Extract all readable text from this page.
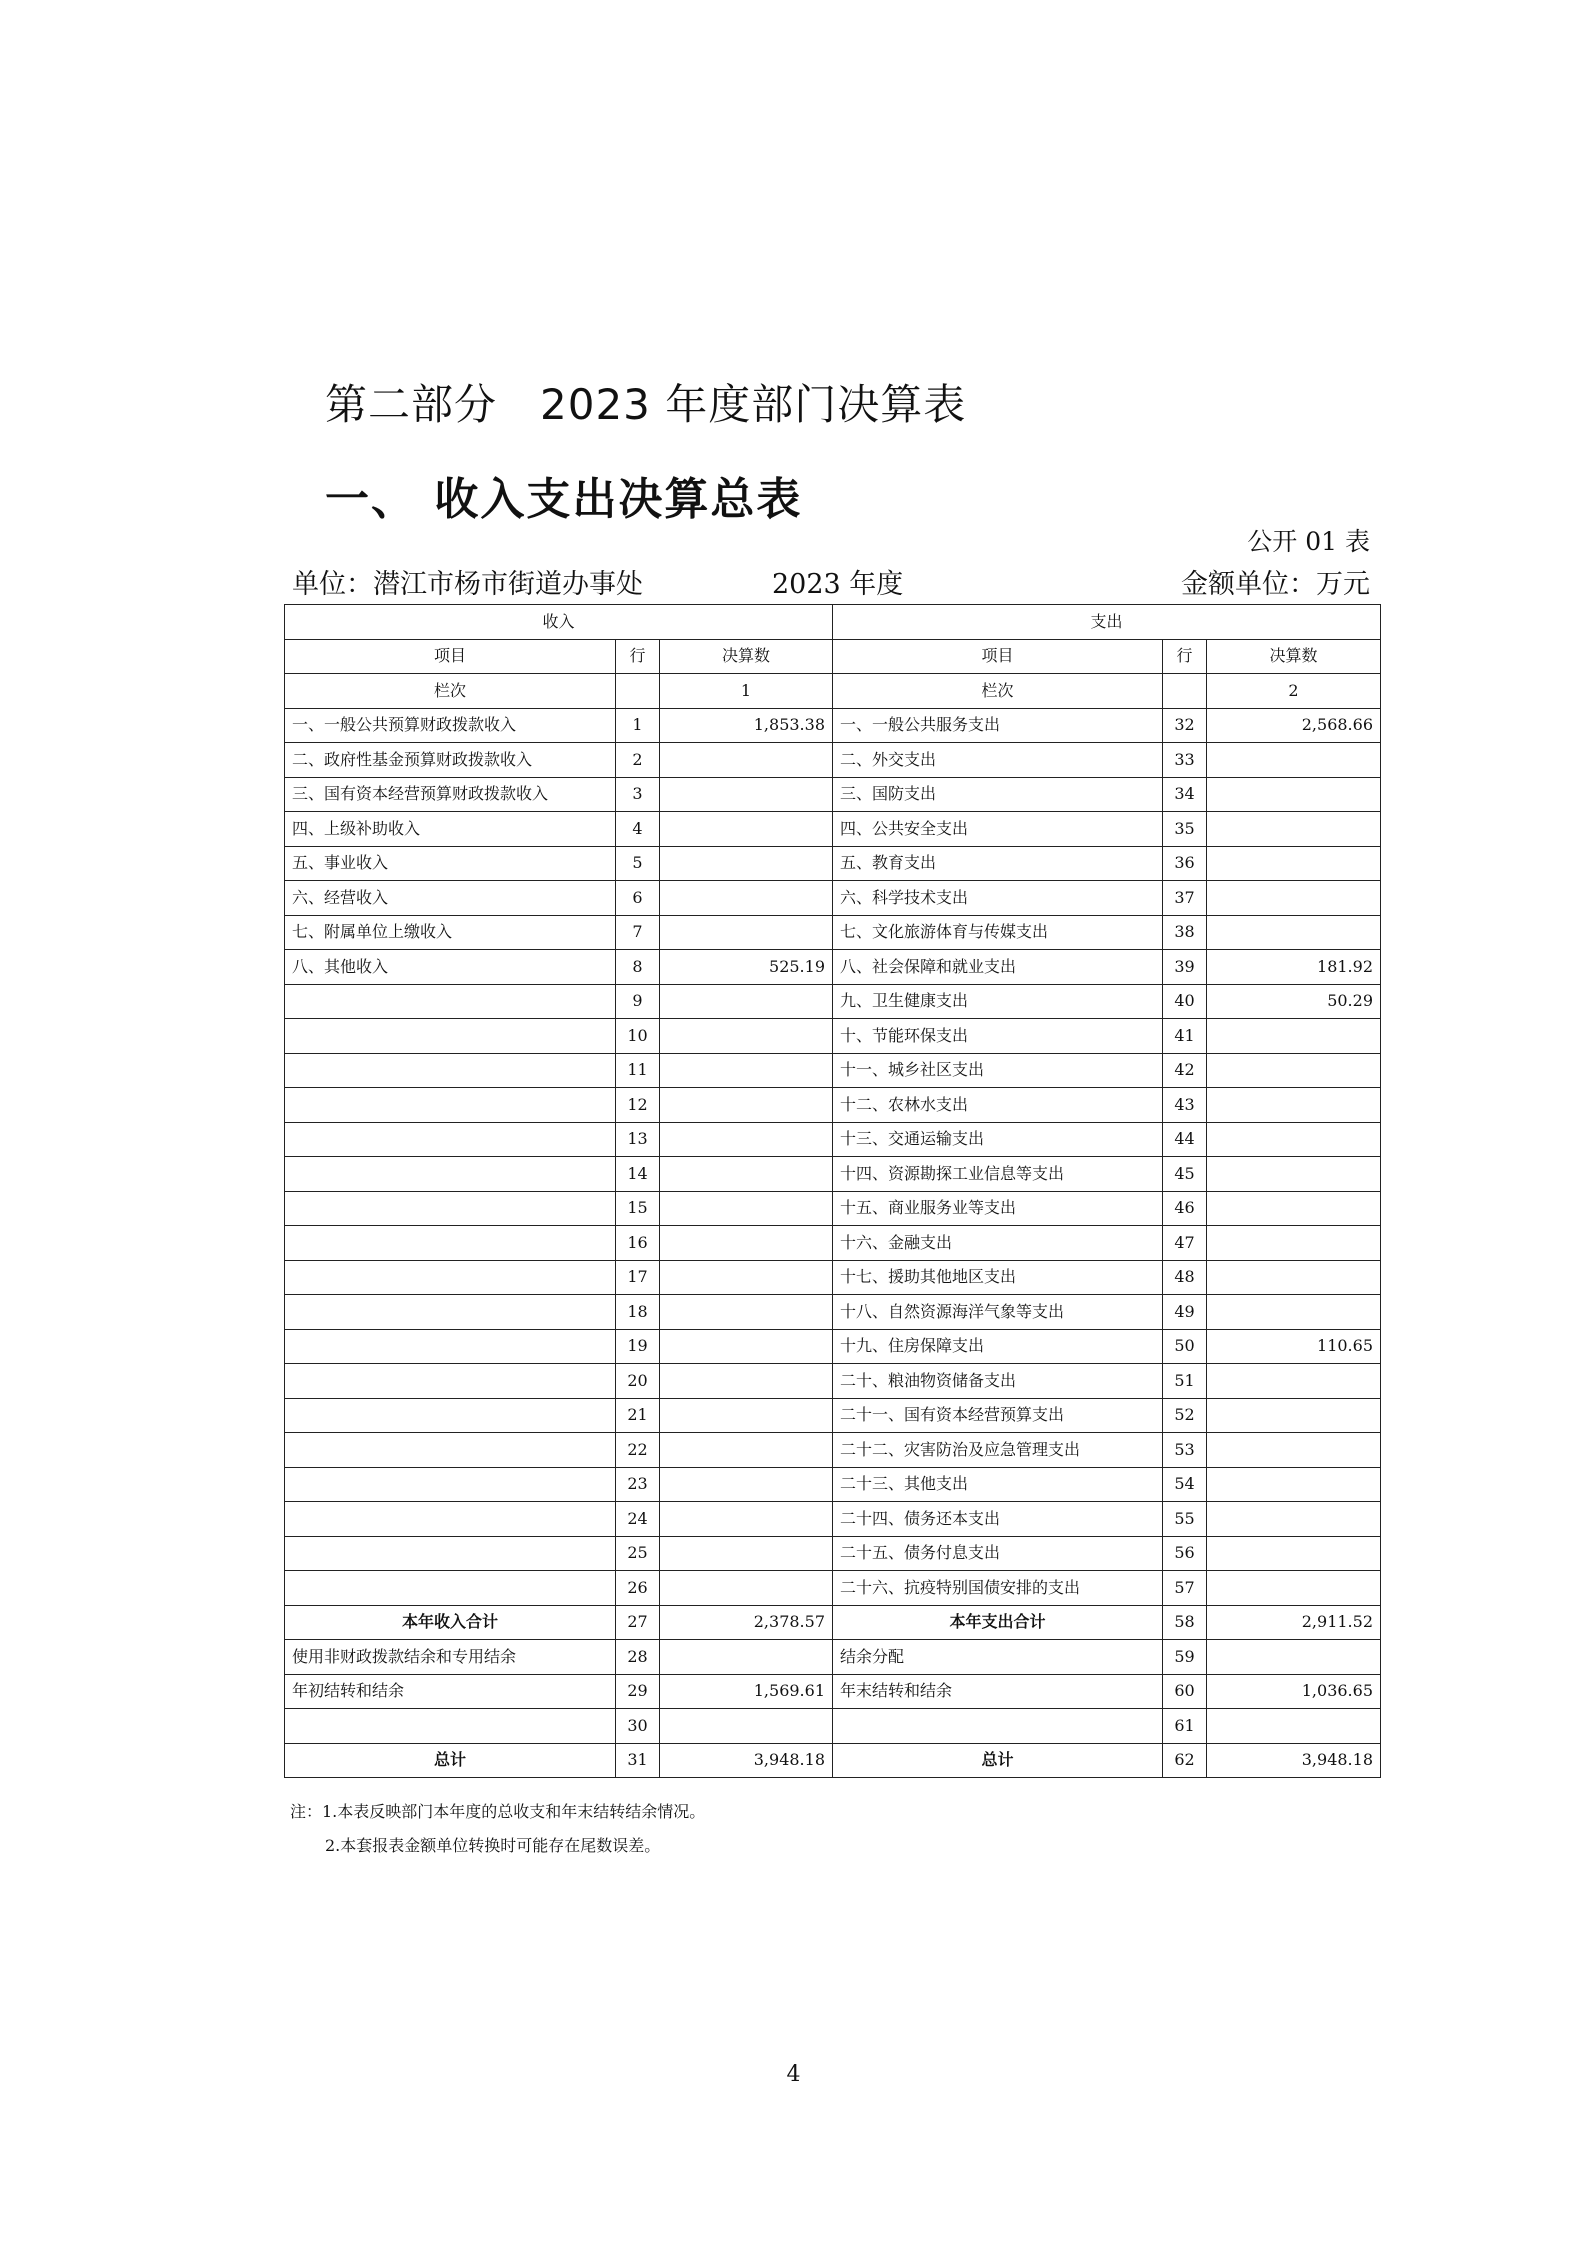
第二部分　2023 年度部门决算表
一、 收入支出决算总表
公开 01 表
单位：潜江市杨市街道办事处	2023 年度	金额单位：万元
收入			支出		
项目	行	决算数	项目	行	决算数
栏次		1	栏次		2
一、一般公共预算财政拨款收入	1	1,853.38	一、一般公共服务支出	32	2,568.66
二、政府性基金预算财政拨款收入	2		二、外交支出	33	
三、国有资本经营预算财政拨款收入	3		三、国防支出	34	
四、上级补助收入	4		四、公共安全支出	35	
五、事业收入	5		五、教育支出	36	
六、经营收入	6		六、科学技术支出	37	
七、附属单位上缴收入	7		七、文化旅游体育与传媒支出	38	
八、其他收入	8	525.19	八、社会保障和就业支出	39	181.92
	9		九、卫生健康支出	40	50.29
	10		十、节能环保支出	41	
	11		十一、城乡社区支出	42	
	12		十二、农林水支出	43	
	13		十三、交通运输支出	44	
	14		十四、资源勘探工业信息等支出	45	
	15		十五、商业服务业等支出	46	
	16		十六、金融支出	47	
	17		十七、援助其他地区支出	48	
	18		十八、自然资源海洋气象等支出	49	
	19		十九、住房保障支出	50	110.65
	20		二十、粮油物资储备支出	51	
	21		二十一、国有资本经营预算支出	52	
	22		二十二、灾害防治及应急管理支出	53	
	23		二十三、其他支出	54	
	24		二十四、债务还本支出	55	
	25		二十五、债务付息支出	56	
	26		二十六、抗疫特别国债安排的支出	57	
本年收入合计	27	2,378.57	本年支出合计	58	2,911.52
使用非财政拨款结余和专用结余	28		结余分配	59	
年初结转和结余	29	1,569.61	年末结转和结余	60	1,036.65
	30			61	
总计	31	3,948.18	总计	62	3,948.18
注：1.本表反映部门本年度的总收支和年末结转结余情况。
2.本套报表金额单位转换时可能存在尾数误差。
4
